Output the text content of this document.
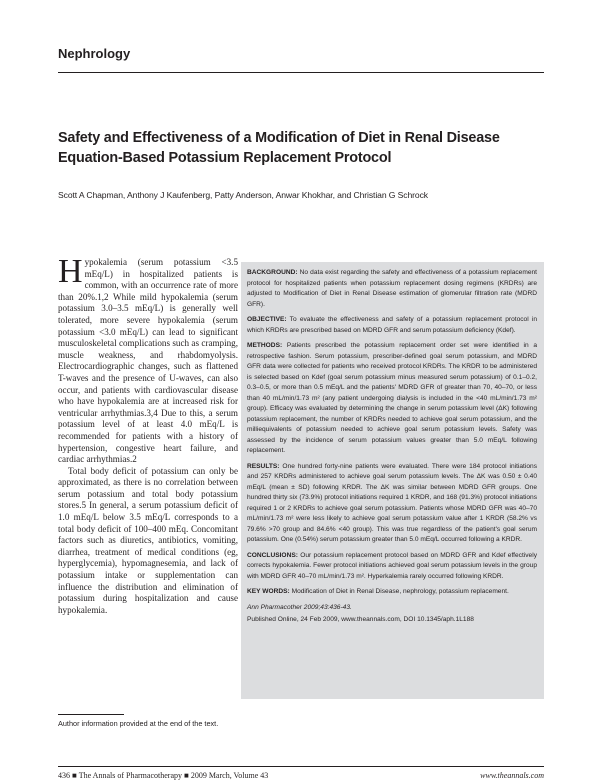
Nephrology
Safety and Effectiveness of a Modification of Diet in Renal Disease Equation-Based Potassium Replacement Protocol
Scott A Chapman, Anthony J Kaufenberg, Patty Anderson, Anwar Khokhar, and Christian G Schrock

Hypokalemia (serum potassium <3.5 mEq/L) in hospitalized patients is common, with an occurrence rate of more than 20%.1,2 While mild hypokalemia (serum potassium 3.0–3.5 mEq/L) is generally well tolerated, more severe hypokalemia (serum potassium <3.0 mEq/L) can lead to significant musculoskeletal complications such as cramping, muscle weakness, and rhabdomyolysis. Electrocardiographic changes, such as flattened T-waves and the presence of U-waves, can also occur, and patients with cardiovascular disease who have hypokalemia are at increased risk for ventricular arrhythmias.3,4 Due to this, a serum potassium level of at least 4.0 mEq/L is recommended for patients with a history of hypertension, congestive heart failure, and cardiac arrhythmias.2

Total body deficit of potassium can only be approximated, as there is no correlation between serum potassium and total body potassium stores.5 In general, a serum potassium deficit of 1.0 mEq/L below 3.5 mEq/L corresponds to a total body deficit of 100–400 mEq. Concomitant factors such as diuretics, antibiotics, vomiting, diarrhea, treatment of medical conditions (eg, hyperglycemia), hypomagnesemia, and lack of potassium intake or supplementation can influence the distribution and elimination of potassium during hospitalization and cause hypokalemia.

Author information provided at the end of the text.

BACKGROUND: No data exist regarding the safety and effectiveness of a potassium replacement protocol for hospitalized patients when potassium replacement dosing regimens (KRDRs) are adjusted to Modification of Diet in Renal Disease estimation of glomerular filtration rate (MDRD GFR).

OBJECTIVE: To evaluate the effectiveness and safety of a potassium replacement protocol in which KRDRs are prescribed based on MDRD GFR and serum potassium deficiency (Kdef).

METHODS: Patients prescribed the potassium replacement order set were identified in a retrospective fashion. Serum potassium, prescriber-defined goal serum potassium, and MDRD GFR data were collected for patients who received protocol KRDRs. The KRDR to be administered is selected based on Kdef (goal serum potassium minus measured serum potassium) of 0.1–0.2, 0.3–0.5, or more than 0.5 mEq/L and the patients' MDRD GFR of greater than 70, 40–70, or less than 40 mL/min/1.73 m² (any patient undergoing dialysis is included in the <40 mL/min/1.73 m² group). Efficacy was evaluated by determining the change in serum potassium level (ΔK) following potassium replacement, the number of KRDRs needed to achieve goal serum potassium, and the milliequivalents of potassium needed to achieve goal serum potassium levels. Safety was assessed by the incidence of serum potassium values greater than 5.0 mEq/L following replacement.

RESULTS: One hundred forty-nine patients were evaluated. There were 184 protocol initiations and 257 KRDRs administered to achieve goal serum potassium levels. The ΔK was 0.50 ± 0.40 mEq/L (mean ± SD) following KRDR. The ΔK was similar between MDRD GFR groups. One hundred thirty six (73.9%) protocol initiations required 1 KRDR, and 168 (91.3%) protocol initiations required 1 or 2 KRDRs to achieve goal serum potassium. Patients whose MDRD GFR was 40–70 mL/min/1.73 m² were less likely to achieve goal serum potassium value after 1 KRDR (58.2% vs 79.6% >70 group and 84.6% <40 group). This was true regardless of the patient's goal serum potassium. One (0.54%) serum potassium greater than 5.0 mEq/L occurred following a KRDR.

CONCLUSIONS: Our potassium replacement protocol based on MDRD GFR and Kdef effectively corrects hypokalemia. Fewer protocol initiations achieved goal serum potassium levels in the group with MDRD GFR 40–70 mL/min/1.73 m². Hyperkalemia rarely occurred following KRDR.

KEY WORDS: Modification of Diet in Renal Disease, nephrology, potassium replacement.

Ann Pharmacother 2009;43:436-43.

Published Online, 24 Feb 2009, www.theannals.com, DOI 10.1345/aph.1L188

436 ■ The Annals of Pharmacotherapy ■ 2009 March, Volume 43	www.theannals.com
